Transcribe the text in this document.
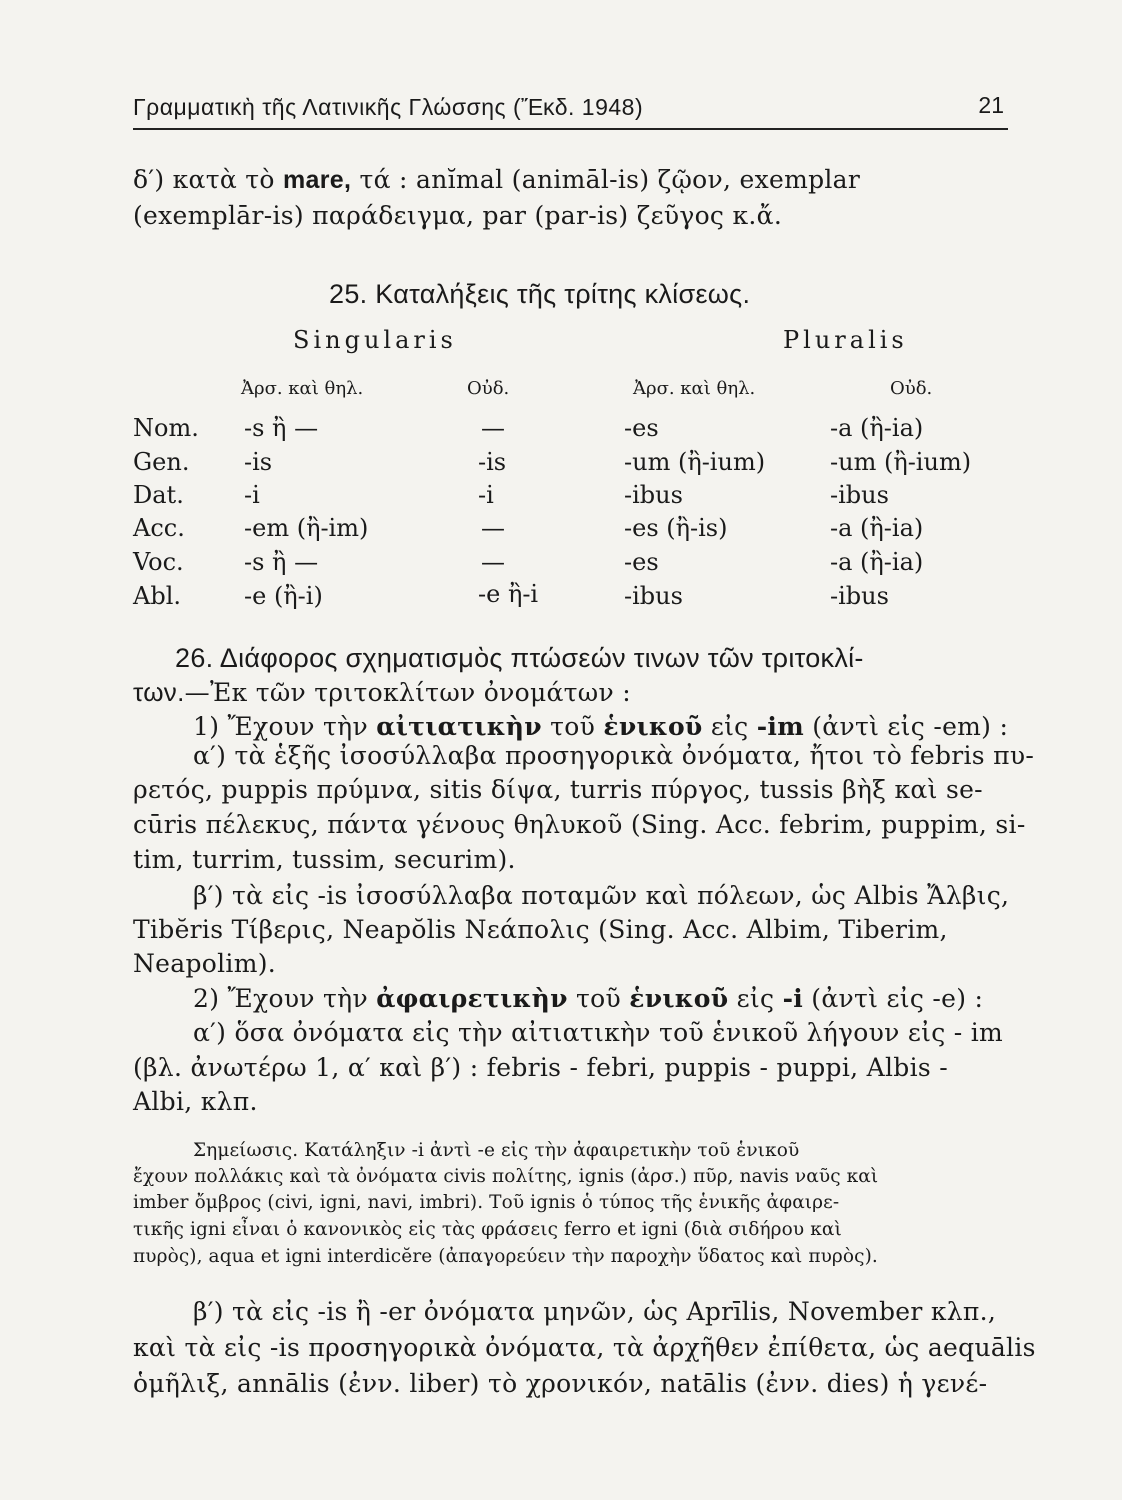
Γραμματικὴ τῆς Λατινικῆς Γλώσσης (Ἔκδ. 1948)	21
δ′) κατὰ τὸ mare, τά : anĭmal (animāl-is) ζῷον, exemplar
(exemplār-is) παράδειγμα, par (par-is) ζεῦγος κ.ἄ.
25. Καταλήξεις τῆς τρίτης κλίσεως.
Singularis	Pluralis
Ἀρσ. καὶ θηλ.	Οὐδ.	Ἀρσ. καὶ θηλ.	Οὐδ.
Nom. -s ἢ —	—	-es	-a (ἢ-ia)
Gen. -is	-is	-um (ἢ-ium)	-um (ἢ-ium)
Dat.	-i	-i	-ibus	-ibus
Acc. -em (ἢ-im)	—	-es (ἢ-is)	-a (ἢ-ia)
Voc.	-s ἢ —	—	-es	-a (ἢ-ia)
Abl.	-e (ἢ-i)	-e ἢ-i	-ibus	-ibus
26. Διάφορος σχηματισμὸς πτώσεών τινων τῶν τριτοκλί-
των.—Ἐκ τῶν τριτοκλίτων ὀνομάτων :
1) Ἔχουν τὴν αἰτιατικὴν τοῦ ἑνικοῦ εἰς -im (ἀντὶ εἰς -em) :
α′) τὰ ἑξῆς ἰσοσύλλαβα προσηγορικὰ ὀνόματα, ἤτοι τὸ febris πυ-
ρετός, puppis πρύμνα, sitis δίψα, turris πύργος, tussis βὴξ καὶ se-
cūris πέλεκυς, πάντα γένους θηλυκοῦ (Sing. Acc. febrim, puppim, si-
tim, turrim, tussim, securim).
β′) τὰ εἰς -is ἰσοσύλλαβα ποταμῶν καὶ πόλεων, ὡς Albis Ἄλβις,
Tibĕris Τίβερις, Neapŏlis Νεάπολις (Sing. Acc. Albim, Tiberim,
Neapolim).
2) Ἔχουν τὴν ἀφαιρετικὴν τοῦ ἑνικοῦ εἰς -i (ἀντὶ εἰς -e) :
α′) ὅσα ὀνόματα εἰς τὴν αἰτιατικὴν τοῦ ἑνικοῦ λήγουν εἰς - im
(βλ. ἀνωτέρω 1, α′ καὶ β′) : febris - febri, puppis - puppi, Albis -
Albi, κλπ.
Σημείωσις. Κατάληξιν -i ἀντὶ -e εἰς τὴν ἀφαιρετικὴν τοῦ ἑνικοῦ
ἔχουν πολλάκις καὶ τὰ ὀνόματα civis πολίτης, ignis (ἀρσ.) πῦρ, navis ναῦς καὶ
imber ὄμβρος (civi, igni, navi, imbri). Τοῦ ignis ὁ τύπος τῆς ἑνικῆς ἀφαιρε-
τικῆς igni εἶναι ὁ κανονικὸς εἰς τὰς φράσεις ferro et igni (διὰ σιδήρου καὶ
πυρὸς), aqua et igni interdicĕre (ἀπαγορεύειν τὴν παροχὴν ὕδατος καὶ πυρὸς).
β′) τὰ εἰς -is ἢ -er ὀνόματα μηνῶν, ὡς Aprīlis, November κλπ.,
καὶ τὰ εἰς -is προσηγορικὰ ὀνόματα, τὰ ἀρχῆθεν ἐπίθετα, ὡς aequālis
ὁμῆλιξ, annālis (ἐνν. liber) τὸ χρονικόν, natālis (ἐνν. dies) ἡ γενέ-
